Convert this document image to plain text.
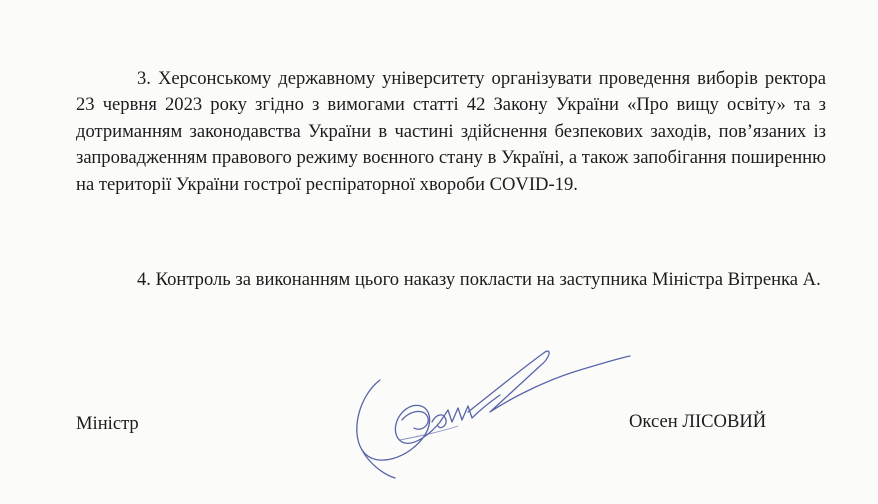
3. Херсонському державному університету організувати проведення виборів ректора 23 червня 2023 року згідно з вимогами статті 42 Закону України «Про вищу освіту» та з дотриманням законодавства України в частині здійснення безпекових заходів, пов’язаних із запровадженням правового режиму воєнного стану в Україні, а також запобігання поширенню на території України гострої респіраторної хвороби COVID-19.

4. Контроль за виконанням цього наказу покласти на заступника Міністра Вітренка А.

Міністр	Оксен ЛІСОВИЙ
